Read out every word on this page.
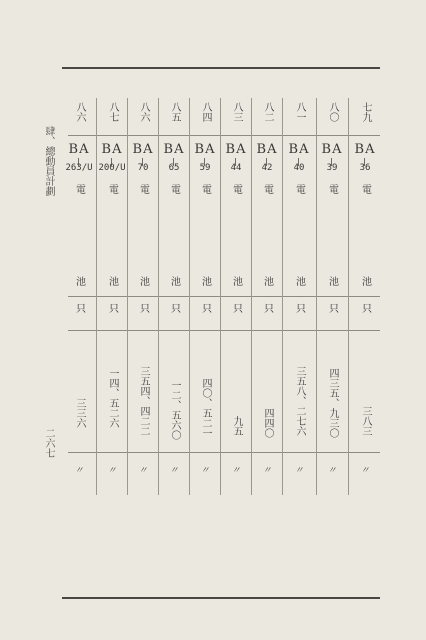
肆、總動員計劃
二六七
八六
BA
263/U
電
池
只
三三六
〃
八七
BA
200/U
電
池
只
一四、五二六
〃
八六
BA
70
電
池
只
三五四、四二二
〃
八五
BA
65
電
池
只
一二、五六〇
〃
八四
BA
59
電
池
只
四〇、五二一
〃
八三
BA
44
電
池
只
九五
〃
八二
BA
42
電
池
只
四四〇
〃
八一
BA
40
電
池
只
三五八、二七六
〃
八〇
BA
39
電
池
只
四三五、九三〇
〃
七九
BA
36
電
池
只
三八三
〃
